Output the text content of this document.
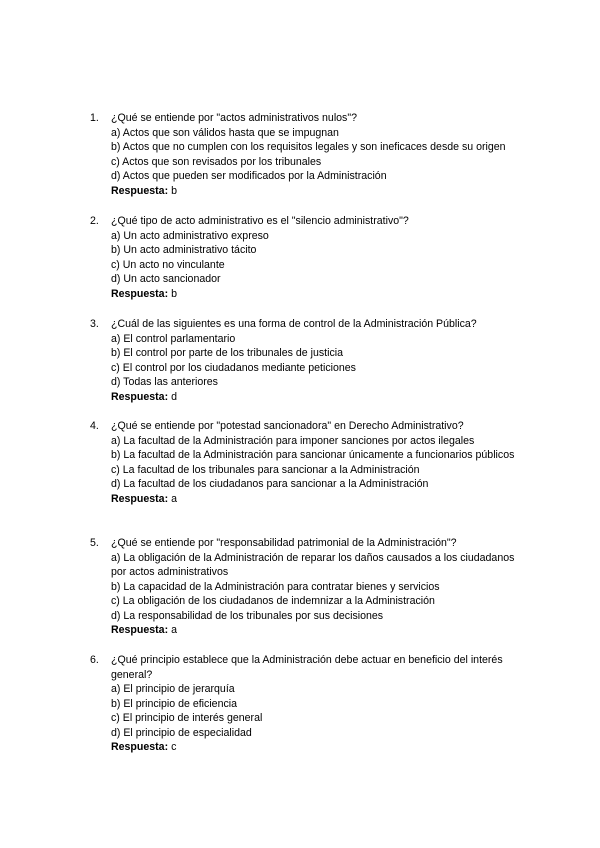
1.	¿Qué se entiende por "actos administrativos nulos"?
a) Actos que son válidos hasta que se impugnan
b) Actos que no cumplen con los requisitos legales y son ineficaces desde su origen
c) Actos que son revisados por los tribunales
d) Actos que pueden ser modificados por la Administración
Respuesta: b
2.	¿Qué tipo de acto administrativo es el "silencio administrativo"?
a) Un acto administrativo expreso
b) Un acto administrativo tácito
c) Un acto no vinculante
d) Un acto sancionador
Respuesta: b
3.	¿Cuál de las siguientes es una forma de control de la Administración Pública?
a) El control parlamentario
b) El control por parte de los tribunales de justicia
c) El control por los ciudadanos mediante peticiones
d) Todas las anteriores
Respuesta: d
4.	¿Qué se entiende por "potestad sancionadora" en Derecho Administrativo?
a) La facultad de la Administración para imponer sanciones por actos ilegales
b) La facultad de la Administración para sancionar únicamente a funcionarios públicos
c) La facultad de los tribunales para sancionar a la Administración
d) La facultad de los ciudadanos para sancionar a la Administración
Respuesta: a
5.	¿Qué se entiende por "responsabilidad patrimonial de la Administración"?
a) La obligación de la Administración de reparar los daños causados a los ciudadanos por actos administrativos
b) La capacidad de la Administración para contratar bienes y servicios
c) La obligación de los ciudadanos de indemnizar a la Administración
d) La responsabilidad de los tribunales por sus decisiones
Respuesta: a
6.	¿Qué principio establece que la Administración debe actuar en beneficio del interés general?
a) El principio de jerarquía
b) El principio de eficiencia
c) El principio de interés general
d) El principio de especialidad
Respuesta: c
